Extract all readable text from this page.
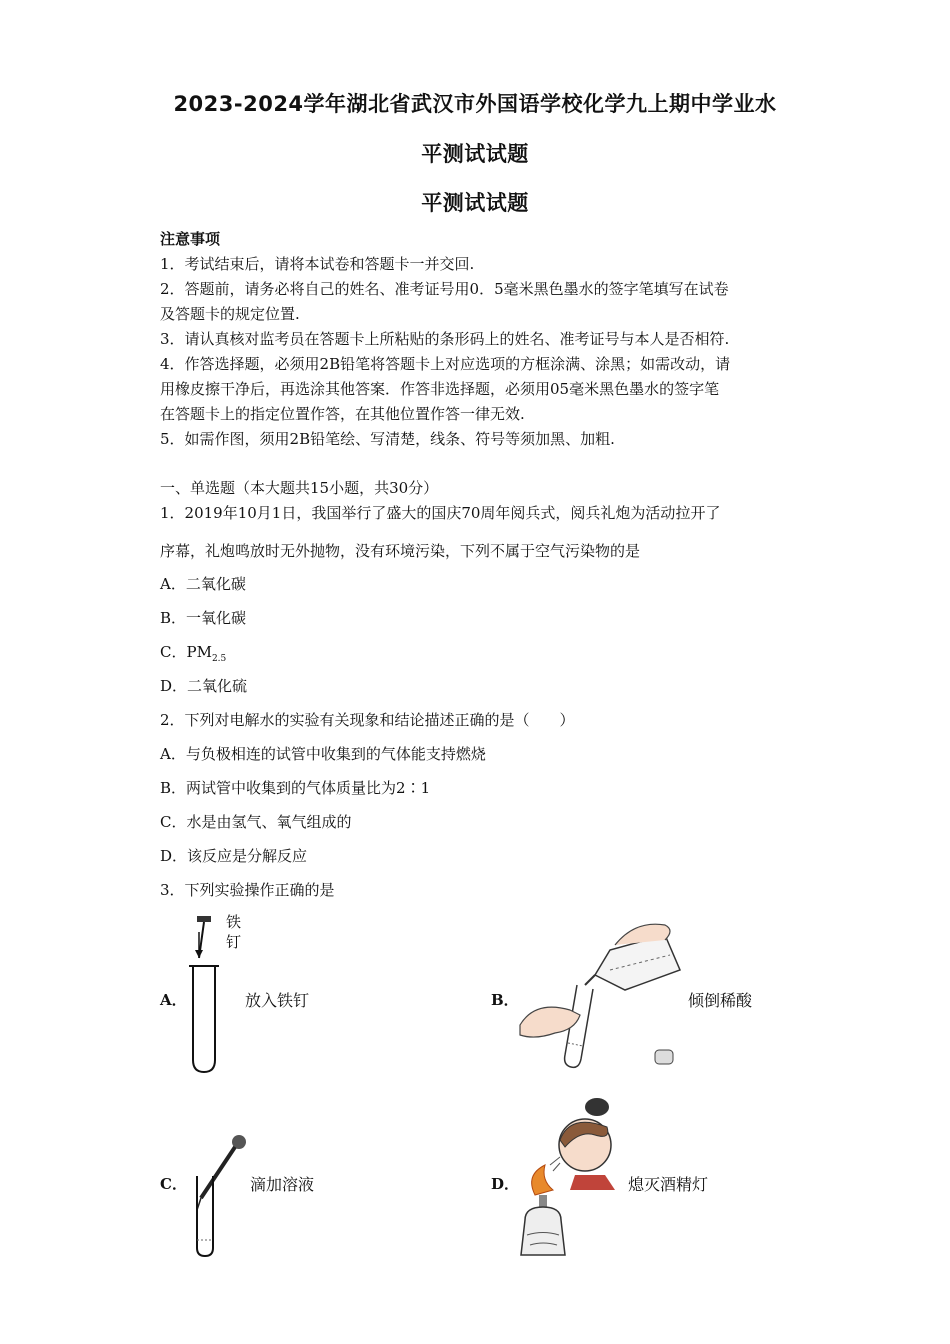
2023-2024学年湖北省武汉市外国语学校化学九上期中学业水
平测试试题
平测试试题
注意事项
1．考试结束后，请将本试卷和答题卡一并交回.
2．答题前，请务必将自己的姓名、准考证号用0．5毫米黑色墨水的签字笔填写在试卷
及答题卡的规定位置.
3．请认真核对监考员在答题卡上所粘贴的条形码上的姓名、准考证号与本人是否相符.
4．作答选择题，必须用2B铅笔将答题卡上对应选项的方框涂满、涂黑；如需改动，请
用橡皮擦干净后，再选涂其他答案．作答非选择题，必须用05毫米黑色墨水的签字笔
在答题卡上的指定位置作答，在其他位置作答一律无效.
5．如需作图，须用2B铅笔绘、写清楚，线条、符号等须加黑、加粗.
一、单选题（本大题共15小题，共30分）
1．2019年10月1日，我国举行了盛大的国庆70周年阅兵式，阅兵礼炮为活动拉开了
序幕，礼炮鸣放时无外抛物，没有环境污染，下列不属于空气污染物的是
A．二氧化碳
B．一氧化碳
C．$PM_{2.5}$
D．二氧化硫
2．下列对电解水的实验有关现象和结论描述正确的是（　　）
A．与负极相连的试管中收集到的气体能支持燃烧
B．两试管中收集到的气体质量比为2∶1
C．水是由氢气、氧气组成的
D．该反应是分解反应
3．下列实验操作正确的是
A．
铁钉
放入铁钉	B．	倾倒稀酸
C．	滴加溶液	D．	熄灭酒精灯
